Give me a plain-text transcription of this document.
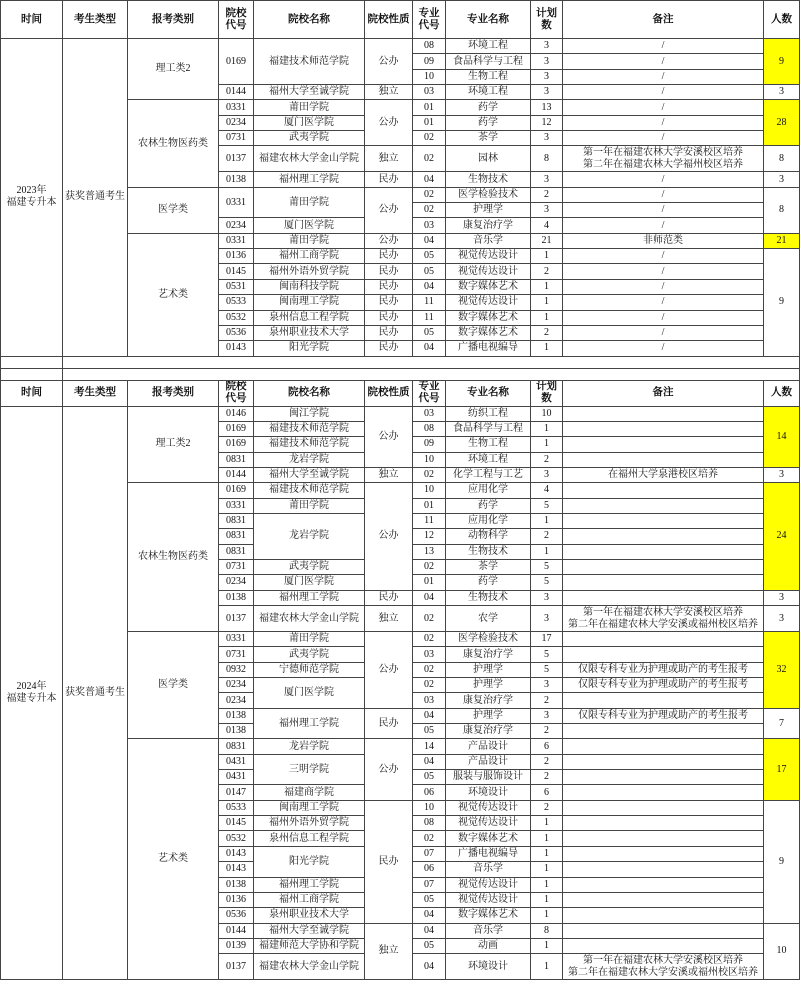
时间	考生类型	报考类别	院校代号	院校名称	院校性质	专业代号	专业名称	计划数	备注	人数
2023年
福建专升本	获奖普通考生	理工类2	0169	福建技术师范学院	公办	08	环境工程	3	/	9
						09	食品科学与工程	3	/	
						10	生物工程	3	/	
			0144	福州大学至诚学院	独立	03	环境工程	3	/	3
		农林生物医药类	0331	莆田学院	公办	01	药学	13	/	28
			0234	厦门医学院		01	药学	12	/	
			0731	武夷学院		02	茶学	3	/	
			0137	福建农林大学金山学院	独立	02	园林	8	第一年在福建农林大学安溪校区培养
第二年在福建农林大学福州校区培养	8
			0138	福州理工学院	民办	04	生物技术	3	/	3
		医学类	0331	莆田学院	公办	02	医学检验技术	2	/	8
						02	护理学	3	/	
			0234	厦门医学院		03	康复治疗学	4	/	
		艺术类	0331	莆田学院	公办	04	音乐学	21	非师范类	21
			0136	福州工商学院	民办	05	视觉传达设计	1	/	9
			0145	福州外语外贸学院	民办	05	视觉传达设计	2	/	
			0531	闽南科技学院	民办	04	数字媒体艺术	1	/	
			0533	闽南理工学院	民办	11	视觉传达设计	1	/	
			0532	泉州信息工程学院	民办	11	数字媒体艺术	1	/	
			0536	泉州职业技术大学	民办	05	数字媒体艺术	2	/	
			0143	阳光学院	民办	04	广播电视编导	1	/	

时间	考生类型	报考类别	院校代号	院校名称	院校性质	专业代号	专业名称	计划数	备注	人数
2024年
福建专升本	获奖普通考生	理工类2	0146	闽江学院	公办	03	纺织工程	10		14
			0169	福建技术师范学院		08	食品科学与工程	1		
			0169	福建技术师范学院		09	生物工程	1		
			0831	龙岩学院		10	环境工程	2		
			0144	福州大学至诚学院	独立	02	化学工程与工艺	3	在福州大学泉港校区培养	3
		农林生物医药类	0169	福建技术师范学院	公办	10	应用化学	4		24
			0331	莆田学院		01	药学	5		
			0831	龙岩学院		11	应用化学	1		
			0831			12	动物科学	2		
			0831			13	生物技术	1		
			0731	武夷学院		02	茶学	5		
			0234	厦门医学院		01	药学	5		
			0138	福州理工学院	民办	04	生物技术	3		3
			0137	福建农林大学金山学院	独立	02	农学	3	第一年在福建农林大学安溪校区培养
第二年在福建农林大学安溪或福州校区培养	3
		医学类	0331	莆田学院	公办	02	医学检验技术	17		32
			0731	武夷学院		03	康复治疗学	5		
			0932	宁德师范学院		02	护理学	5	仅限专科专业为护理或助产的考生报考	
			0234	厦门医学院		02	护理学	3	仅限专科专业为护理或助产的考生报考	
			0234			03	康复治疗学	2		
			0138	福州理工学院	民办	04	护理学	3	仅限专科专业为护理或助产的考生报考	7
			0138			05	康复治疗学	2		
		艺术类	0831	龙岩学院	公办	14	产品设计	6		17
			0431	三明学院		04	产品设计	2		
			0431			05	服装与服饰设计	2		
			0147	福建商学院		06	环境设计	6		
			0533	闽南理工学院	民办	10	视觉传达设计	2		9
			0145	福州外语外贸学院		08	视觉传达设计	1		
			0532	泉州信息工程学院		02	数字媒体艺术	1		
			0143	阳光学院		07	广播电视编导	1		
			0143			06	音乐学	1		
			0138	福州理工学院		07	视觉传达设计	1		
			0136	福州工商学院		05	视觉传达设计	1		
			0536	泉州职业技术大学		04	数字媒体艺术	1		
			0144	福州大学至诚学院	独立	04	音乐学	8		10
			0139	福建师范大学协和学院		05	动画	1		
			0137	福建农林大学金山学院		04	环境设计	1	第一年在福建农林大学安溪校区培养
第二年在福建农林大学安溪或福州校区培养	
